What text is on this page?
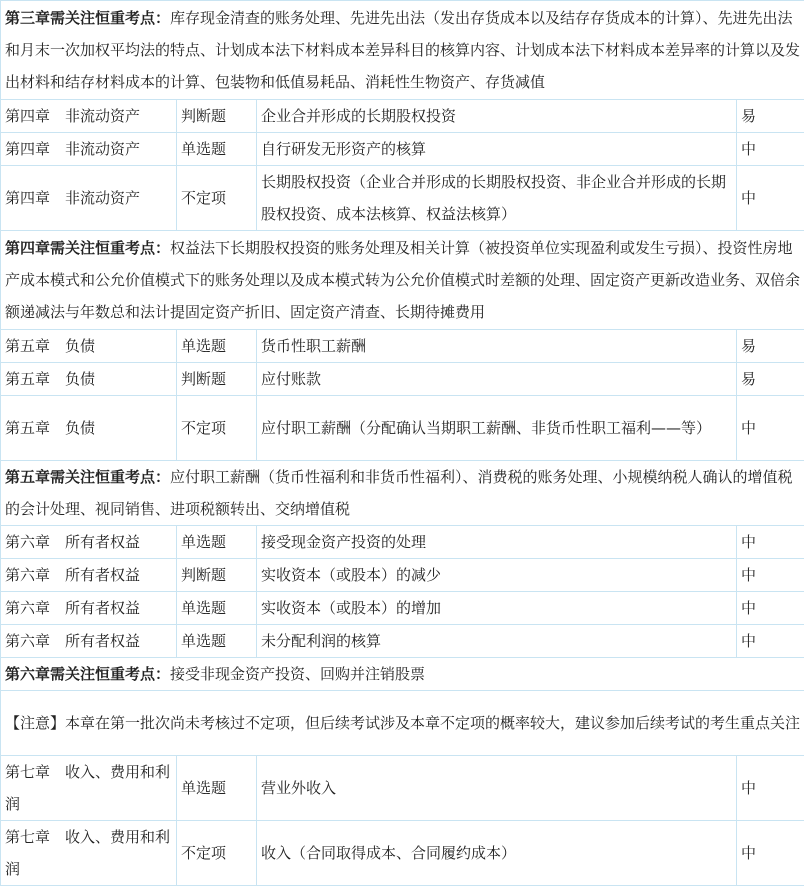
第三章需关注恒重考点：库存现金清查的账务处理、先进先出法（发出存货成本以及结存存货成本的计算）、先进先出法和月末一次加权平均法的特点、计划成本法下材料成本差异科目的核算内容、计划成本法下材料成本差异率的计算以及发出材料和结存材料成本的计算、包装物和低值易耗品、消耗性生物资产、存货减值			
第四章　非流动资产	判断题	企业合并形成的长期股权投资	易
第四章　非流动资产	单选题	自行研发无形资产的核算	中
第四章　非流动资产	不定项	长期股权投资（企业合并形成的长期股权投资、非企业合并形成的长期股权投资、成本法核算、权益法核算）	中
第四章需关注恒重考点：权益法下长期股权投资的账务处理及相关计算（被投资单位实现盈利或发生亏损）、投资性房地产成本模式和公允价值模式下的账务处理以及成本模式转为公允价值模式时差额的处理、固定资产更新改造业务、双倍余额递减法与年数总和法计提固定资产折旧、固定资产清查、长期待摊费用			
第五章　负债	单选题	货币性职工薪酬	易
第五章　负债	判断题	应付账款	易
第五章　负债	不定项	应付职工薪酬（分配确认当期职工薪酬、非货币性职工福利——等）	中
第五章需关注恒重考点：应付职工薪酬（货币性福利和非货币性福利）、消费税的账务处理、小规模纳税人确认的增值税的会计处理、视同销售、进项税额转出、交纳增值税			
第六章　所有者权益	单选题	接受现金资产投资的处理	中
第六章　所有者权益	判断题	实收资本（或股本）的减少	中
第六章　所有者权益	单选题	实收资本（或股本）的增加	中
第六章　所有者权益	单选题	未分配利润的核算	中
第六章需关注恒重考点：接受非现金资产投资、回购并注销股票			
【注意】本章在第一批次尚未考核过不定项，但后续考试涉及本章不定项的概率较大，建议参加后续考试的考生重点关注			
第七章　收入、费用和利润	单选题	营业外收入	中
第七章　收入、费用和利润	不定项	收入（合同取得成本、合同履约成本）	中
